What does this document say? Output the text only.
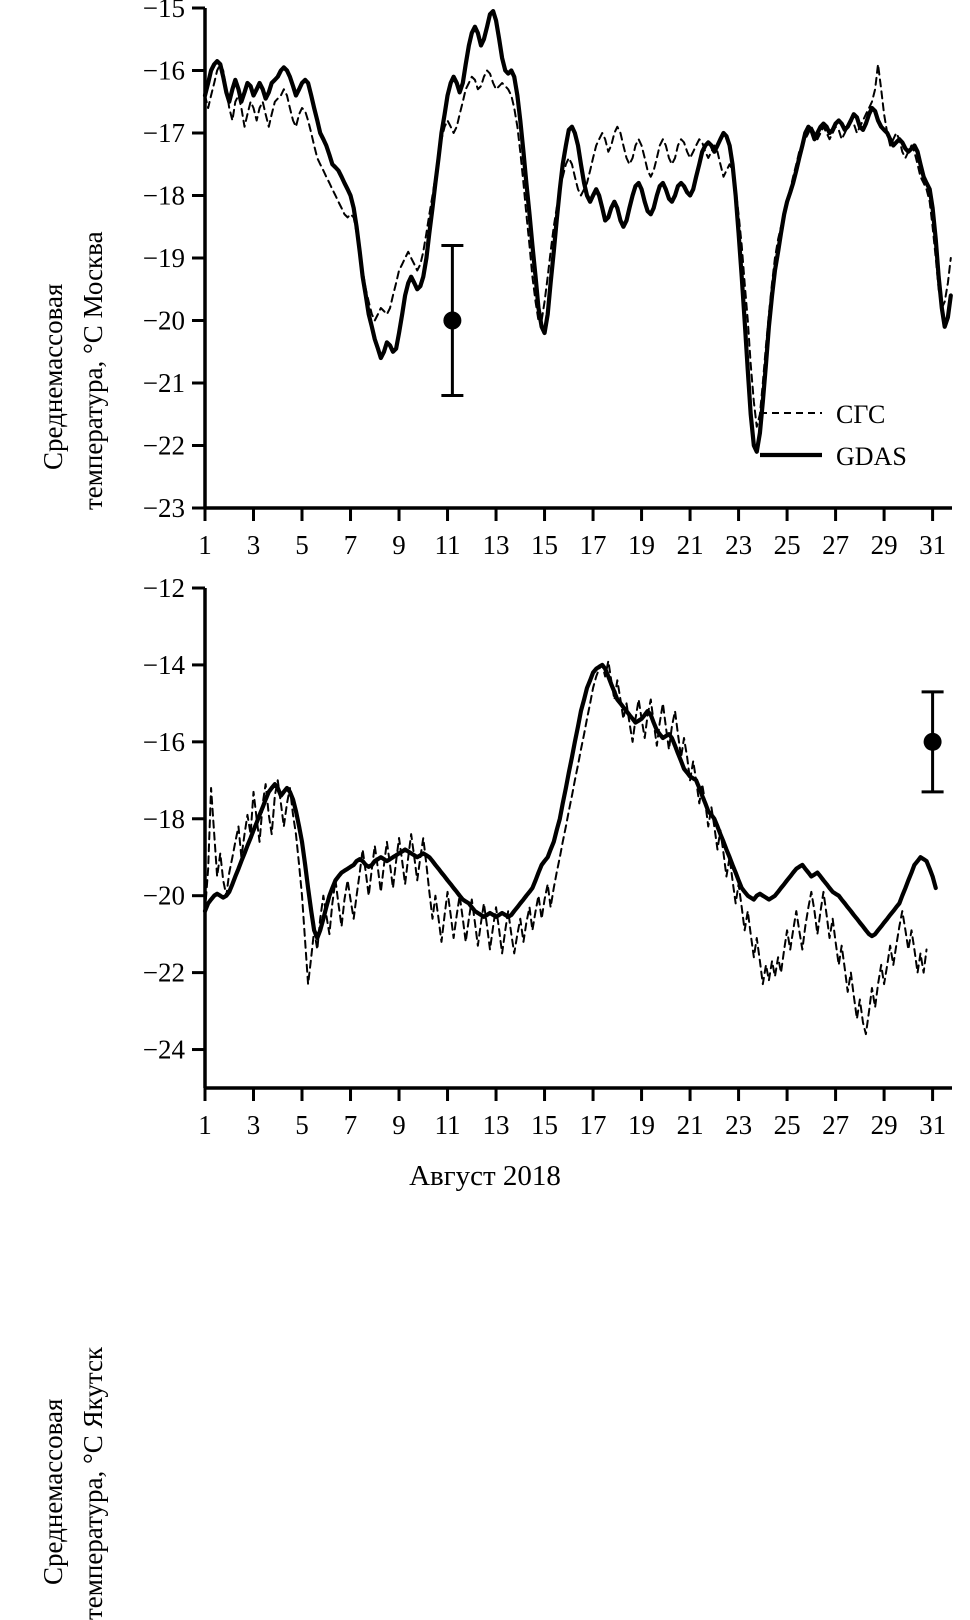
Среднемассовая температура, °C Москва
−15
−16
−17
−18
−19
−20
−21
−22
−23
1 3 5 7 9 11 13 15 17 19 21 23 25 27 29 31
СГС
GDAS
Среднемассовая температура, °C Якутск
−12
−14
−16
−18
−20
−22
−24
1 3 5 7 9 11 13 15 17 19 21 23 25 27 29 31
Август 2018
